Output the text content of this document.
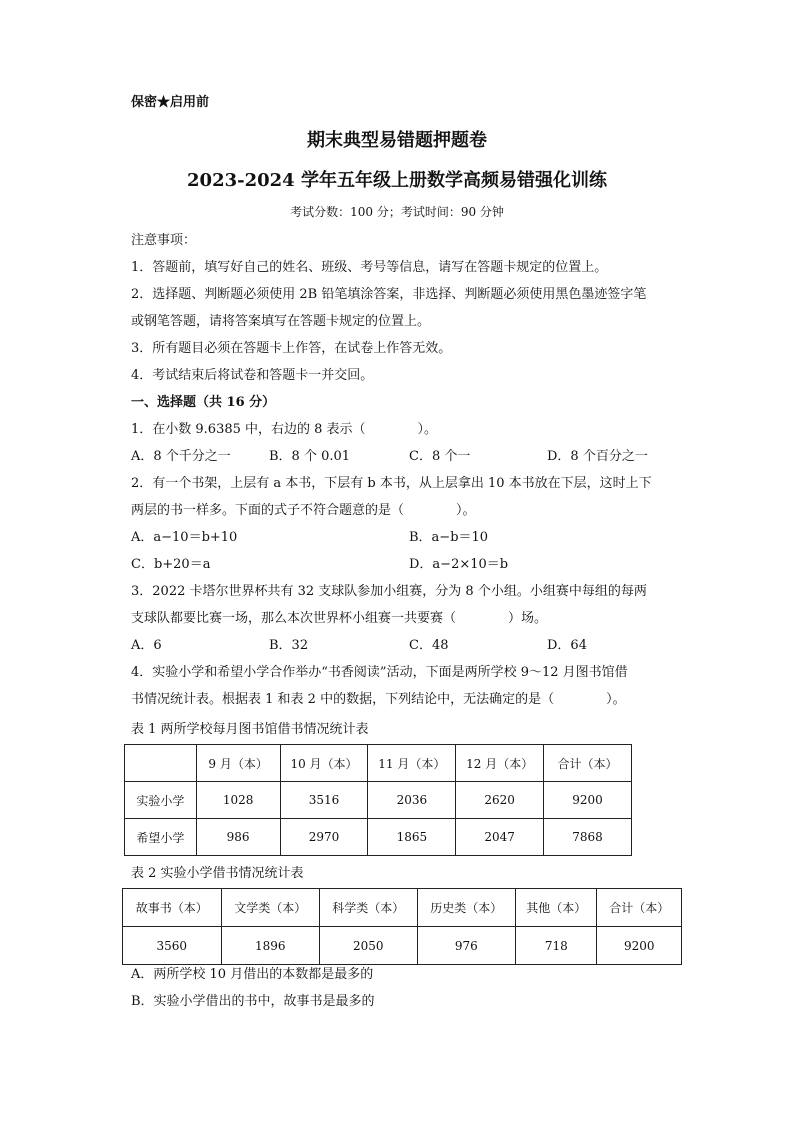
保密★启用前
期末典型易错题押题卷
2023-2024 学年五年级上册数学高频易错强化训练
考试分数：100 分；考试时间：90 分钟
注意事项：
1．答题前，填写好自己的姓名、班级、考号等信息，请写在答题卡规定的位置上。
2．选择题、判断题必须使用 2B 铅笔填涂答案，非选择、判断题必须使用黑色墨迹签字笔
或钢笔答题，请将答案填写在答题卡规定的位置上。
3．所有题目必须在答题卡上作答，在试卷上作答无效。
4．考试结束后将试卷和答题卡一并交回。
一、选择题（共 16 分）
1．在小数 9.6385 中，右边的 8 表示（　　　　）。
A．8 个千分之一	B．8 个 0.01	C．8 个一	D．8 个百分之一
2．有一个书架，上层有 a 本书，下层有 b 本书，从上层拿出 10 本书放在下层，这时上下
两层的书一样多。下面的式子不符合题意的是（　　　　）。
A．a−10＝b+10	B．a−b＝10
C．b+20＝a	D．a−2×10＝b
3．2022 卡塔尔世界杯共有 32 支球队参加小组赛，分为 8 个小组。小组赛中每组的每两
支球队都要比赛一场，那么本次世界杯小组赛一共要赛（　　　　）场。
A．6	B．32	C．48	D．64
4．实验小学和希望小学合作举办“书香阅读”活动，下面是两所学校 9～12 月图书馆借
书情况统计表。根据表 1 和表 2 中的数据，下列结论中，无法确定的是（　　　　）。
表 1 两所学校每月图书馆借书情况统计表
	9 月（本）	10 月（本）	11 月（本）	12 月（本）	合计（本）
实验小学	1028	3516	2036	2620	9200
希望小学	986	2970	1865	2047	7868
表 2 实验小学借书情况统计表
故事书（本）	文学类（本）	科学类（本）	历史类（本）	其他（本）	合计（本）
3560	1896	2050	976	718	9200
A．两所学校 10 月借出的本数都是最多的
B．实验小学借出的书中，故事书是最多的
